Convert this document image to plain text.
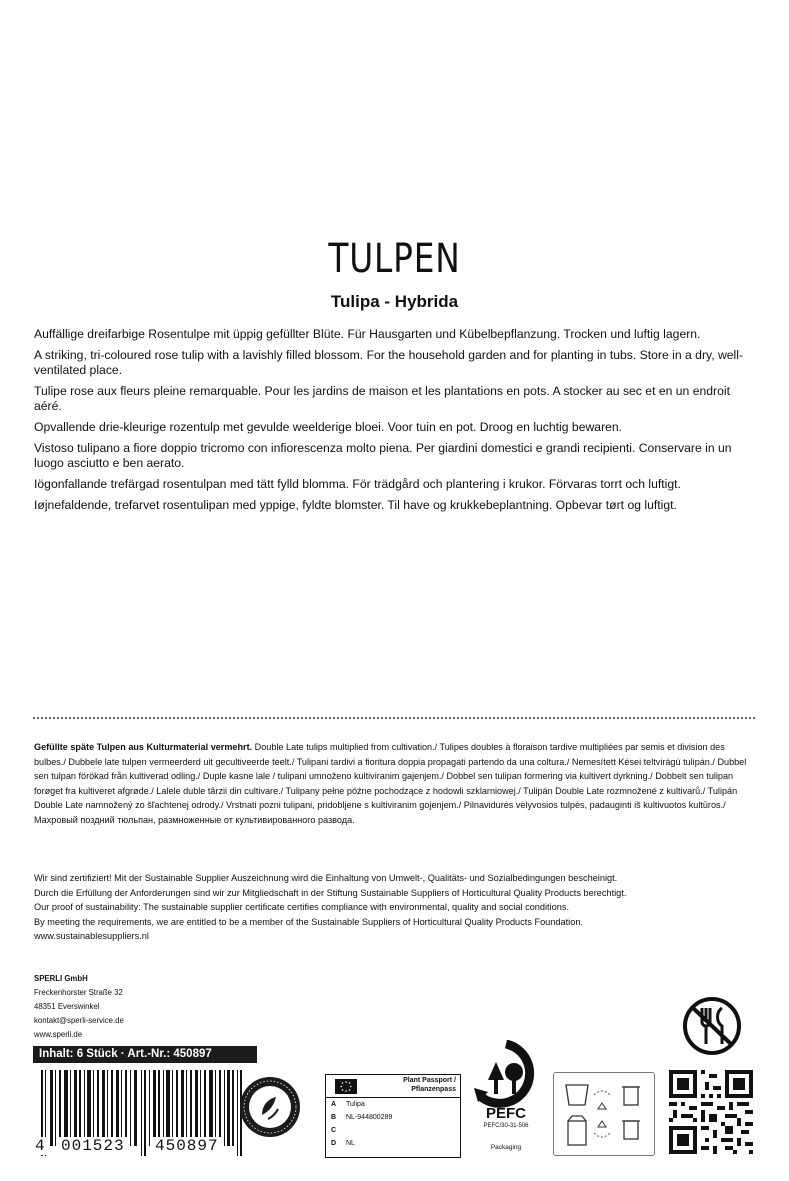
TULPEN
Tulipa - Hybrida

Auffällige dreifarbige Rosentulpe mit üppig gefüllter Blüte. Für Hausgarten und Kübelbepflanzung. Trocken und luftig lagern.

A striking, tri-coloured rose tulip with a lavishly filled blossom. For the household garden and for planting in tubs. Store in a dry, well-ventilated place.

Tulipe rose aux fleurs pleine remarquable. Pour les jardins de maison et les plantations en pots. A stocker au sec et en un endroit aéré.

Opvallende drie-kleurige rozentulp met gevulde weelderige bloei. Voor tuin en pot. Droog en luchtig bewaren.

Vistoso tulipano a fiore doppio tricromo con infiorescenza molto piena. Per giardini domestici e grandi recipienti. Conservare in un luogo asciutto e ben aerato.

Iögonfallande trefärgad rosentulpan med tätt fylld blomma. För trädgård och plantering i krukor. Förvaras torrt och luftigt.

Iøjnefaldende, trefarvet rosentulipan med yppige, fyldte blomster. Til have og krukkebeplantning. Opbevar tørt og luftigt.

Gefüllte späte Tulpen aus Kulturmaterial vermehrt. Double Late tulips multiplied from cultivation./ Tulipes doubles à floraison tardive multipliées par semis et division des bulbes./ Dubbele late tulpen vermeerderd uit gecultiveerde teelt./ Tulipani tardivi a fioritura doppia propagati partendo da una coltura./ Nemesített Kései teltvirágú tulipán./ Dubbel sen tulpan förökad från kultiverad odling./ Duple kasne lale / tulipani umnoženo kultiviranim gajenjem./ Dobbel sen tulipan formering via kultivert dyrkning./ Dobbelt sen tulipan forøget fra kultiveret afgrøde./ Lalele duble târzii din cultivare./ Tulipany pełne późne pochodzące z hodowli szklarniowej./ Tulipán Double Late rozmnožené z kultivarů./ Tulipán Double Late namnožený zo šľachtenej odrody./ Vrstnati pozni tulipani, pridobljene s kultiviranim gojenjem./ Pilnavidurės vėlyvosios tulpės, padauginti iš kultivuotos kultūros./ Махровый поздний тюльпан, размноженные от культивированного развода.
Wir sind zertifiziert! Mit der Sustainable Supplier Auszeichnung wird die Einhaltung von Umwelt-, Qualitäts- und Sozialbedingungen bescheinigt.
Durch die Erfüllung der Anforderungen sind wir zur Mitgliedschaft in der Stiftung Sustainable Suppliers of Horticultural Quality Products berechtigt.
Our proof of sustainability: The sustainable supplier certificate certifies compliance with environmental, quality and social conditions.
By meeting the requirements, we are entitled to be a member of the Sustainable Suppliers of Horticultural Quality Products Foundation.
www.sustainablesuppliers.nl
SPERLI GmbH
Freckenhorster Straße 32
48351 Everswinkel
kontakt@sperli-service.de
www.sperli.de
Inhalt: 6 Stück · Art.-Nr.: 450897
4 001523 450897
Plant Passport /
Pflanzenpass
A Tulipa
B NL-944800289
C
D NL
PEFC
PEFC/30-31-506
Packaging
